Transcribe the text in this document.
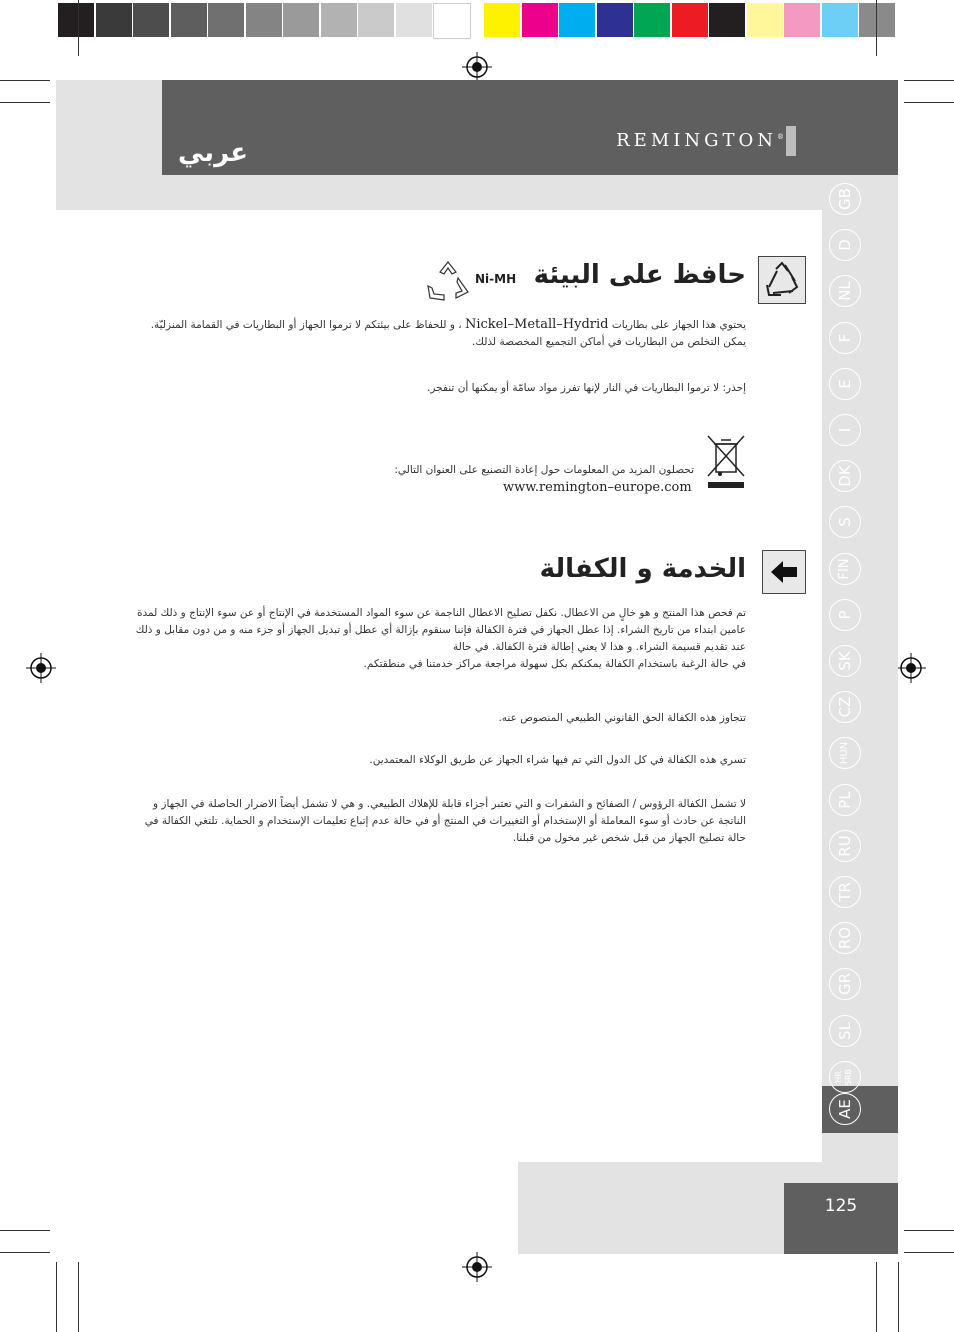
عربي	REMINGTON®
GB
D
NL
F
E
I
DK
S
FIN
P
SK
CZ
HUN
PL
RU
TR
RO
GR
SL
HR SRB
AE
حافظ على البيئة
Ni-MH
يحتوي هذا الجهاز على بطاريات Nickel–Metall–Hydrid ، و للحفاظ على بيئتكم لا ترموا الجهاز أو البطاريات في القمامة المنزليّة.
يمكن التخلص من البطاريات في أماكن التجميع المخصصة لذلك.
إحذر: لا ترموا البطاريات في النار لإنها تفرز مواد سامّة أو يمكنها أن تنفجر.
تحصلون المزيد من المعلومات حول إعادة التصنيع على العنوان التالي:
www.remington–europe.com
الخدمة و الكفالة
تم فحص هذا المنتج و هو خالٍ من الاعطال. نكفل تصليح الاعطال الناجمة عن سوء المواد المستخدمة في الإنتاج أو عن سوء الإنتاج و ذلك لمدة
عامين ابتداء من تاريخ الشراء. إذا عطل الجهاز في فترة الكفالة فإننا سنقوم بإزالة أي عطل أو تبديل الجهاز أو جزء منه و من دون مقابل و ذلك
عند تقديم قسيمة الشراء. و هذا لا يعني إطالة فترة الكفالة. في حالة
في حالة الرغبة باستخدام الكفالة يمكنكم بكل سهولة مراجعة مراكز خدمتنا في منطقتكم.
تتجاوز هذه الكفالة الحق القانوني الطبيعي المنصوص عنه.
تسري هذه الكفالة في كل الدول التي تم فيها شراء الجهاز عن طريق الوكلاء المعتمدين.
لا تشمل الكفالة الرؤوس / الصفائح و الشفرات و التي تعتبر أجزاء قابلة للإهلاك الطبيعي. و هي لا تشمل أيضاً الاضرار الحاصلة في الجهاز و
الناتجة عن حادث أو سوء المعاملة أو الإستخدام أو التغييرات في المنتج أو في حالة عدم إتباع تعليمات الإستخدام و الحماية. تلتغي الكفالة في
حالة تصليح الجهاز من قبل شخص غير مخول من قبلنا.
125
